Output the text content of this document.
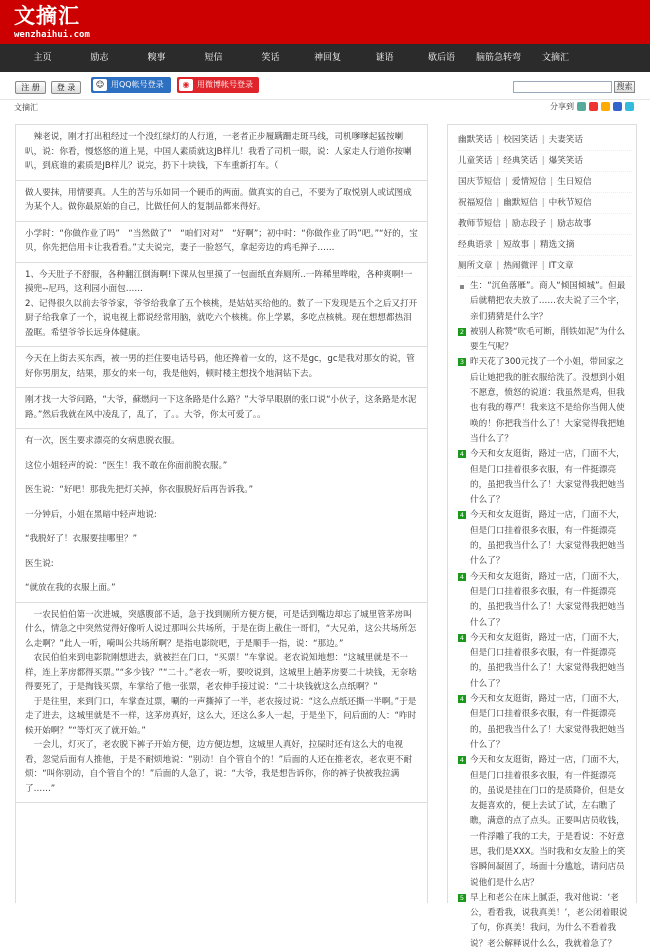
文摘汇
wenzhaihui.com
主页	励志	糗事	短信	笑话	神回复	谜语	歇后语	脑筋急转弯	文摘汇
注 册	登 录	☺ 用QQ帐号登录	◉ 用微博帐号登录	搜索
文摘汇	分享到

　辣老说，刚才打出租经过一个没红绿灯的人行道，一老者正步履蹒跚走斑马线，司机嗲嗲起猛按喇叭，说：你看，慢悠悠的道上晃，中国人素质就这JB样儿！我看了司机一眼，说：人家走人行道你按喇叭，到底谁的素质是JB样儿？说完，扔下十块钱，下车重新打车。（

做人要抹，用情要真。人生的苦与乐如同一个硬币的两面。做真实的自己，不要为了取悦别人或试图成为某个人。做你最原始的自己，比做任何人的复制品都来得好。

小学时：“你做作业了吗”　“当然做了”　“咱们对对”　“好啊”；初中时：“你做作业了吗”吧。”“好的，宝贝，你先把信用卡让我看看。”丈夫说完，妻子一脸怒气，拿起旁边的鸡毛掸子……

1、今天肚子不舒服，各种翻江倒海啊!下课从包里摸了一包面纸直奔厕所..一阵稀里哗啦，各种爽啊!一摸兜--尼玛，这利园小面包……

2、记得很久以前去爷爷家，爷爷给我拿了五个核桃，是姑姑买给他的。数了一下发现是五个之后又打开厨子给我拿了一个，说电视上都说经常用脑，就吃六个核桃。你上学累，多吃点核桃。现在想想都热泪盈眶。希望爷爷长远身体健康。

今天在上街去买东西，被一男的拦住要电话号码，他还搀着一女的，这不是gc，gc是我对那女的说，管好你男朋友，结果，那女的来一句，我是他妈，顿时楼主想找个地洞钻下去。

刚才找一大爷问路，“大爷，蘇燃问一下这条路是什么路？”大爷早眼剧的张口说“小伙子，这条路是水泥路。”然后我就在风中凌乱了，乱了，了。。大爷，你太可爱了。。

有一次，医生要求漂亮的女病患脱衣服。

这位小姐轻声的说：“医生！我不敢在你面前脱衣服。”

医生说：“好吧！那我先把灯关掉，你衣服脱好后再告诉我。”

一分钟后，小姐在黑暗中轻声地说:

“我脱好了！衣服要挂哪里？”

医生说:

“就放在我的衣服上面。”

　一农民伯伯第一次进城，突感腹部不适，急于找到厕所方便方便，可是话到嘴边却忘了城里管茅房叫什么，情急之中突然觉得好像听人说过那叫公共场所，于是在街上截住一哥们，“大兄弟，这公共场所怎么走啊？”此人一听，嗬叫公共场所啊？是指电影院吧，于是顺手一指，说：“那边。”

　农民伯伯来到电影院刚想进去，就被拦在门口，“买票！”车掌说。老农说知地想：“这城里就是不一样，连上茅房都得买票。”“多少钱？”“二十。”老农一听，要咬说到，这城里上趟茅房要二十块钱，无奈啥得要死了，于是掏钱买票，车掌给了他一张票，老农伸手接过说：“二十块钱就这么点纸啊？”

　于是往里，来到门口，车掌查过票，唰的一声撕掉了一半，老农接过说：“这么点纸还撕一半啊。”于是走了进去，这城里就是不一样，这茅房真好，这么大，还这么多人一起，于是坐下，问后面的人：“咋时候开始啊？”“等灯灭了就开始。”

　一会儿，灯灭了，老农脱下裤子开始方便，边方便边想，这城里人真好，拉屎时还有这么大的电视看，忽觉后面有人推他，于是不耐烦地说：“别动！自个管自个的！”后面的人还在推老农，老农更不耐烦：“叫你别动，自个管自个的！”后面的人急了，说：“大爷，我是想告诉你，你的裤子快被我拉满了……”

幽默笑话 | 校园笑话 | 夫妻笑话
儿童笑话 | 经典笑话 | 爆笑笑话
国庆节短信 | 爱情短信 | 生日短信
祝福短信 | 幽默短信 | 中秋节短信
教师节短信 | 励志段子 | 励志故事
经典语录 | 短故事 | 精选文摘
厕所文章 | 热闹微评 | IT文章
生：“沉鱼落雁”。商人“倾国倾城”。但最后就精把农夫放了……农夫说了三个字，亲们猜猜是什么字？
2 被别人称赞“吹毛可断，削铁如泥”为什么要生气呢？
3 昨天花了300元找了一个小姐，带回家之后让她把我的脏衣服给洗了。没想到小姐不愿意，愤怒的说道：我虽然是鸡，但我也有我的尊严！我来这不是给你当佣人使唤的！你把我当什么了！大家觉得我把她当什么了？
4 今天和女友逛街，路过一店，门面不大，但是门口挂着很多衣服，有一件挺漂亮的，虽把我当什么了！大家觉得我把她当什么了？
4 今天和女友逛街，路过一店，门面不大，但是门口挂着很多衣服，有一件挺漂亮的，虽把我当什么了！大家觉得我把她当什么了？
4 今天和女友逛街，路过一店，门面不大，但是门口挂着很多衣服，有一件挺漂亮的，虽把我当什么了！大家觉得我把她当什么了？
4 今天和女友逛街，路过一店，门面不大，但是门口挂着很多衣服，有一件挺漂亮的，虽把我当什么了！大家觉得我把她当什么了？
4 今天和女友逛街，路过一店，门面不大，但是门口挂着很多衣服，有一件挺漂亮的，虽把我当什么了！大家觉得我把她当什么了？
4 今天和女友逛街，路过一店，门面不大，但是门口挂着很多衣服，有一件挺漂亮的，虽说是挂在门口的是质降价，但是女友挺喜欢的，便上去试了试，左右瞧了瞧，满意的点了点头。正要叫店员收钱，一件浮雕了我的工夫，于是看说：不好意思，我们是XXX。当时我和女友脸上的笑容瞬间凝固了，场面十分尴尬，请问店员说他们是什么店？
5 早上和老公在床上腻歪，我对他说：‘老公，看看我，说我真美！’，老公闭着眼说了句，你真美！我问，为什么不看着我说？老公解释说什么么，我就着急了？
